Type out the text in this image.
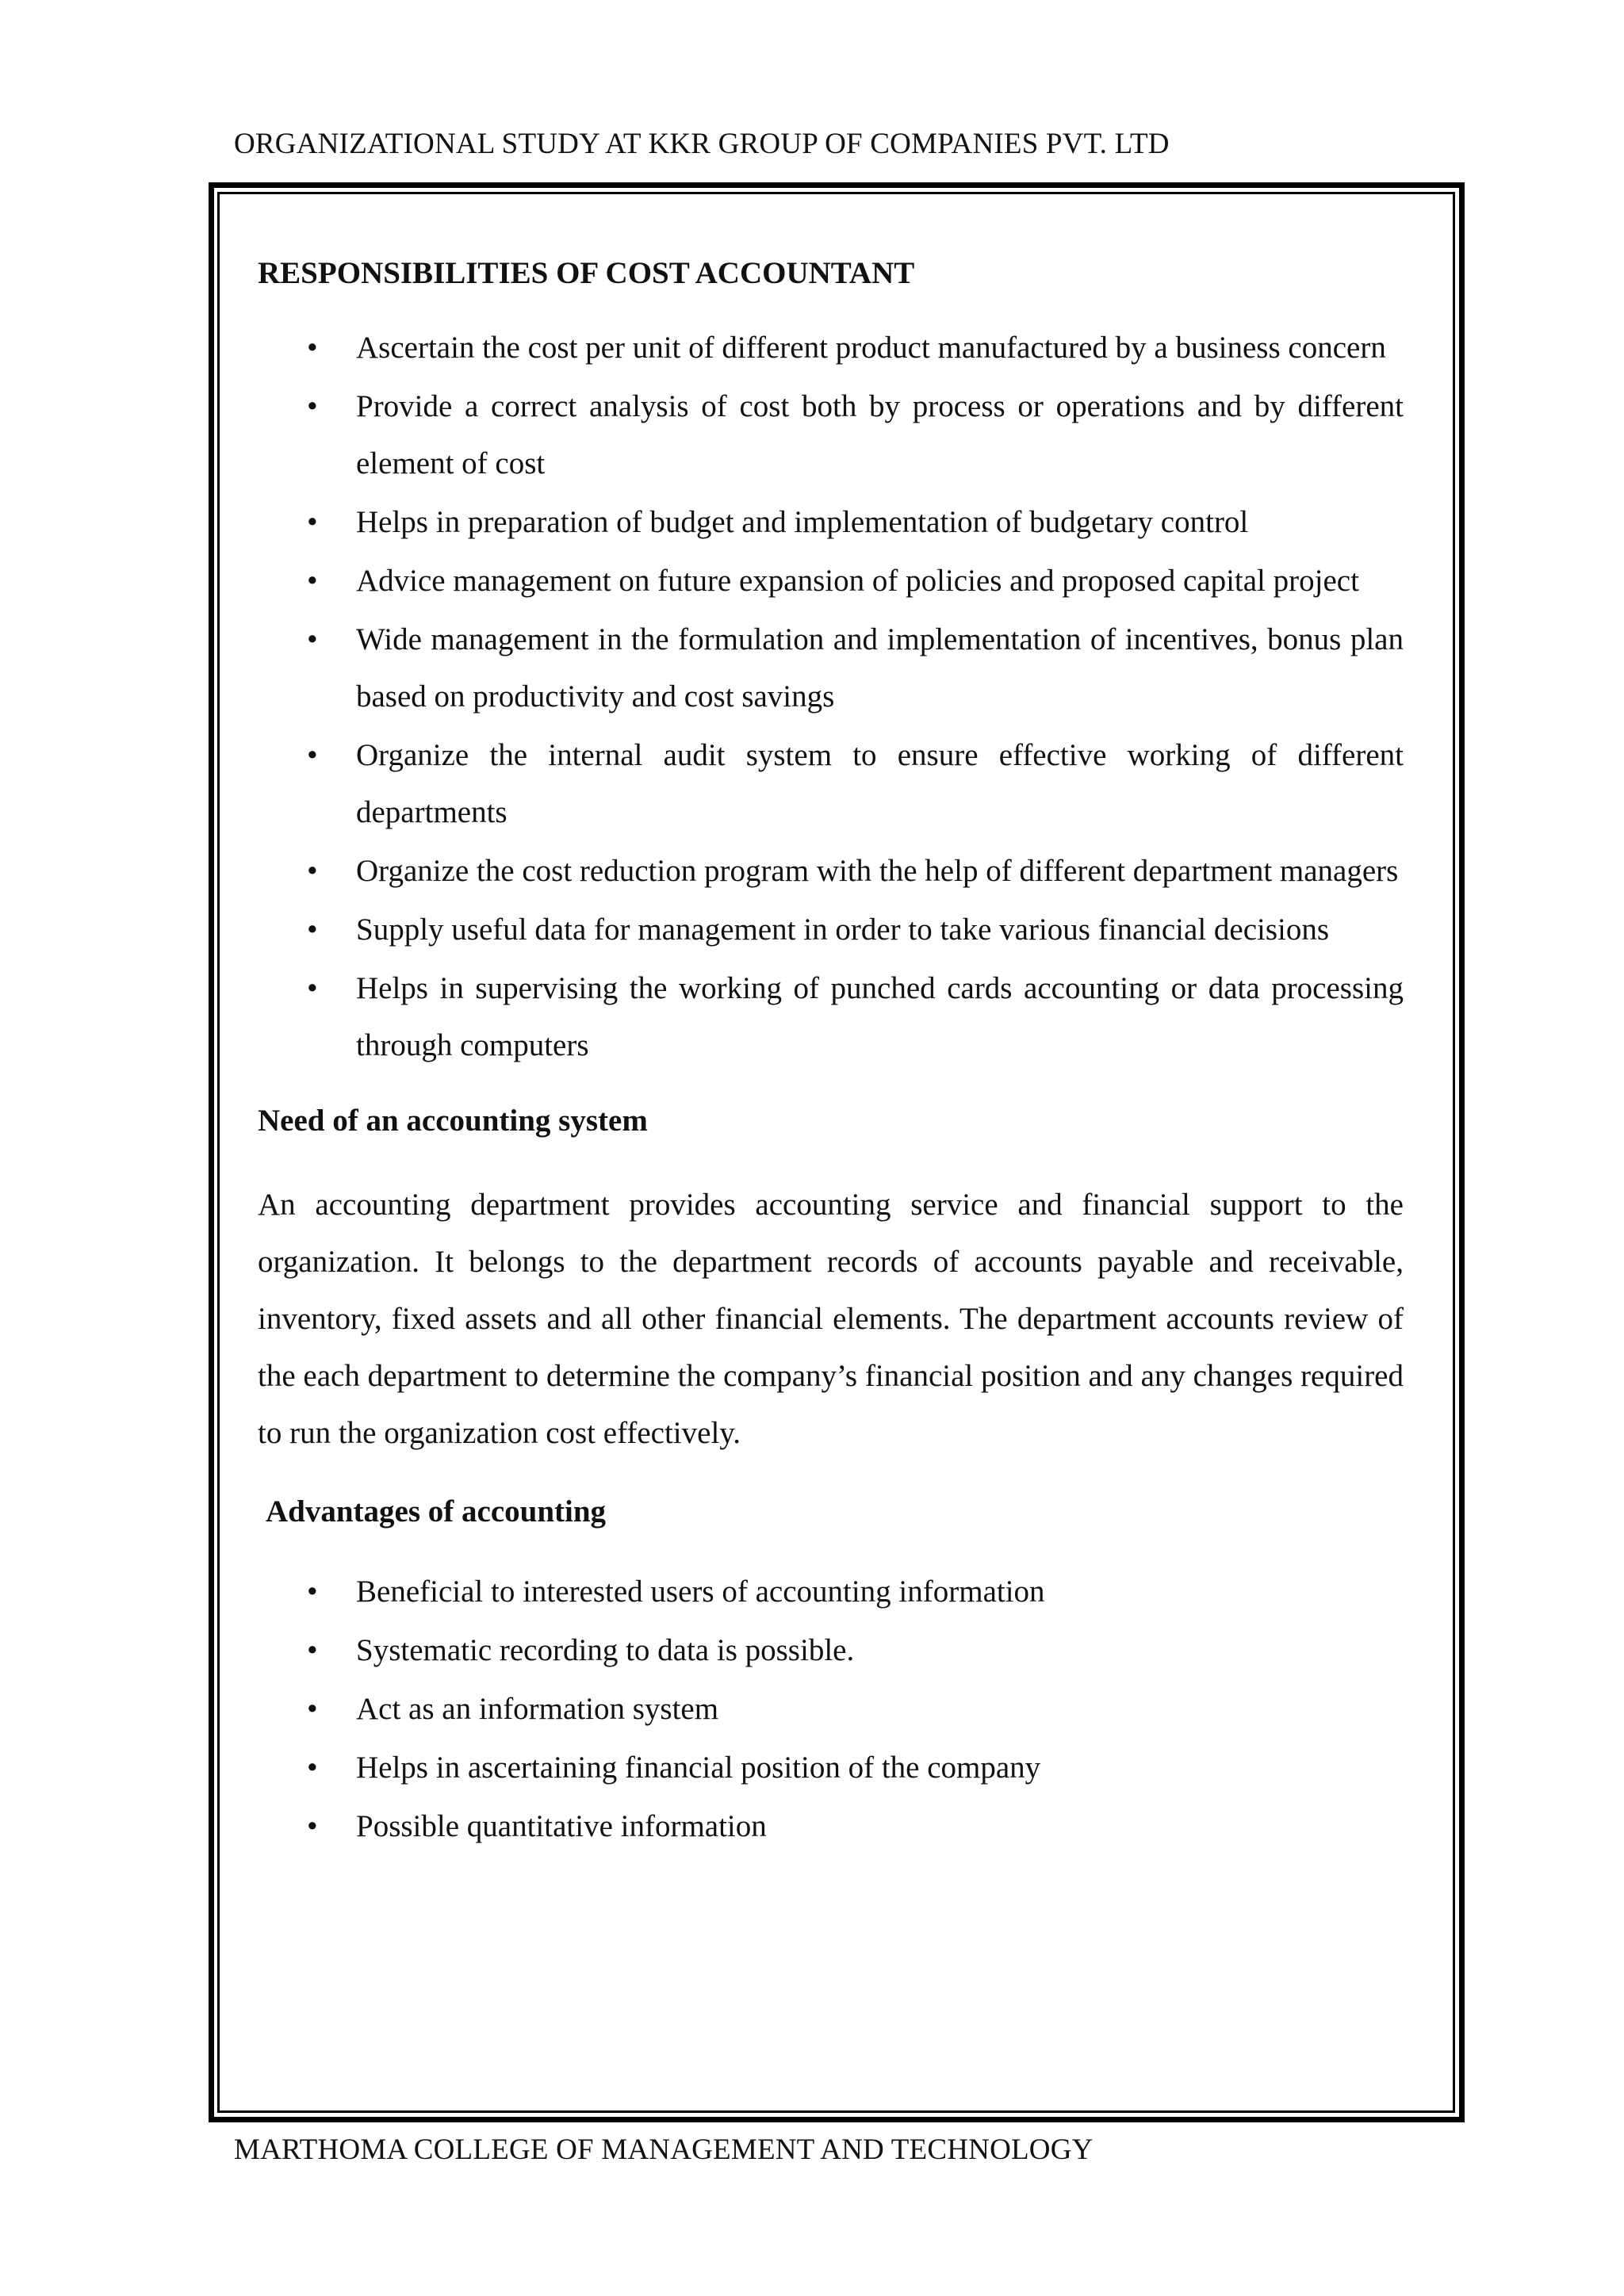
ORGANIZATIONAL STUDY AT KKR GROUP OF COMPANIES PVT. LTD
RESPONSIBILITIES OF COST ACCOUNTANT
• Ascertain the cost per unit of different product manufactured by a business concern
• Provide a correct analysis of cost both by process or operations and by different element of cost
• Helps in preparation of budget and implementation of budgetary control
• Advice management on future expansion of policies and proposed capital project
• Wide management in the formulation and implementation of incentives, bonus plan based on productivity and cost savings
• Organize the internal audit system to ensure effective working of different departments
• Organize the cost reduction program with the help of different department managers
• Supply useful data for management in order to take various financial decisions
• Helps in supervising the working of punched cards accounting or data processing through computers
Need of an accounting system

An accounting department provides accounting service and financial support to the organization. It belongs to the department records of accounts payable and receivable, inventory, fixed assets and all other financial elements. The department accounts review of the each department to determine the company’s financial position and any changes required to run the organization cost effectively.

Advantages of accounting
• Beneficial to interested users of accounting information
• Systematic recording to data is possible.
• Act as an information system
• Helps in ascertaining financial position of the company
• Possible quantitative information
MARTHOMA COLLEGE OF MANAGEMENT AND TECHNOLOGY
